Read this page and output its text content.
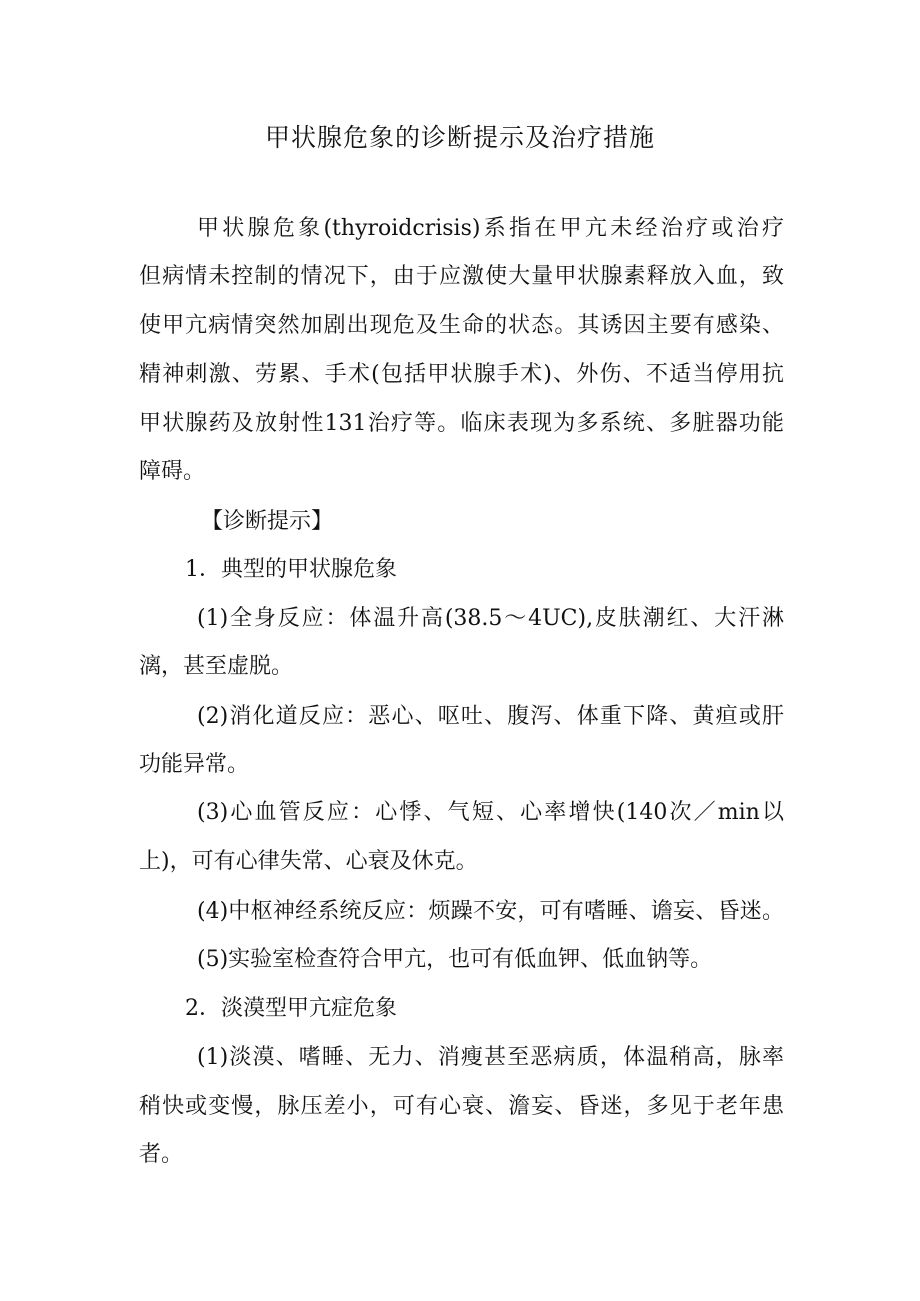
甲状腺危象的诊断提示及治疗措施
甲状腺危象(thyroidcrisis)系指在甲亢未经治疗或治疗
但病情未控制的情况下，由于应激使大量甲状腺素释放入血，致
使甲亢病情突然加剧出现危及生命的状态。其诱因主要有感染、
精神刺激、劳累、手术(包括甲状腺手术)、外伤、不适当停用抗
甲状腺药及放射性131治疗等。临床表现为多系统、多脏器功能
障碍。
【诊断提示】
1．典型的甲状腺危象
(1)全身反应：体温升高(38.5～4UC),皮肤潮红、大汗淋
漓，甚至虚脱。
(2)消化道反应：恶心、呕吐、腹泻、体重下降、黄疸或肝
功能异常。
(3)心血管反应：心悸、气短、心率增快(140次／min以
上)，可有心律失常、心衰及休克。
(4)中枢神经系统反应：烦躁不安，可有嗜睡、谵妄、昏迷。
(5)实验室检查符合甲亢，也可有低血钾、低血钠等。
2．淡漠型甲亢症危象
(1)淡漠、嗜睡、无力、消瘦甚至恶病质，体温稍高，脉率
稍快或变慢，脉压差小，可有心衰、澹妄、昏迷，多见于老年患
者。
